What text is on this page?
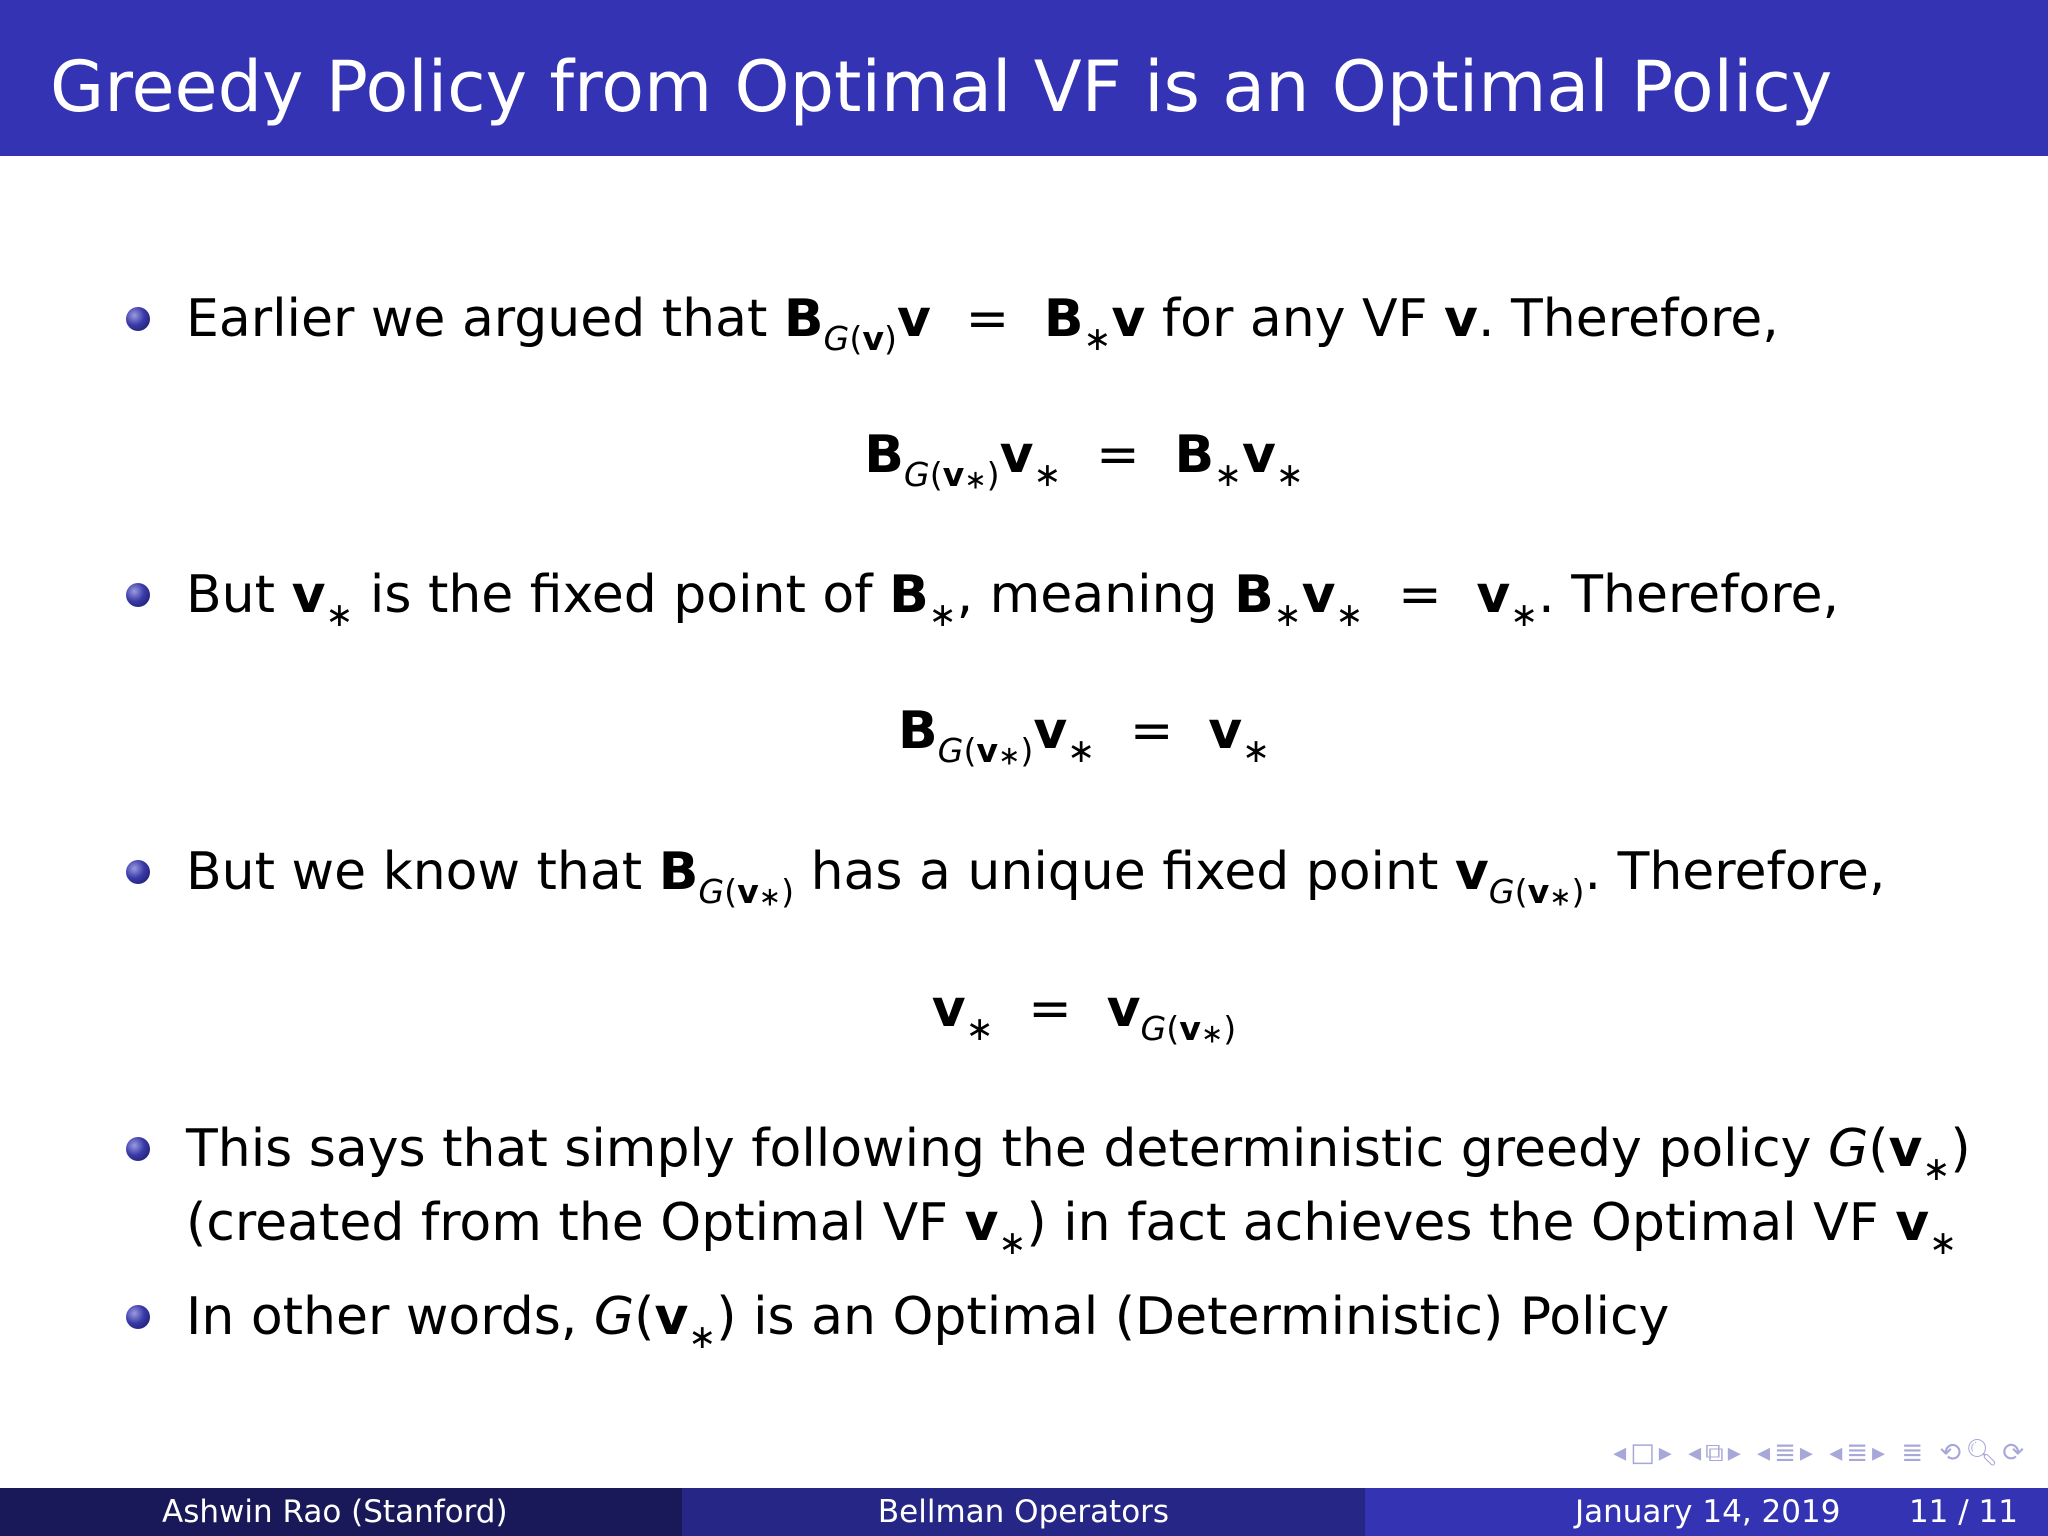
Greedy Policy from Optimal VF is an Optimal Policy
Earlier we argued that $B_{G(v)}v = B_∗v$ for any VF v. Therefore,
$B_{G(v_∗)}v_∗ = B_∗v_∗$
But $v_∗$ is the fixed point of $B_∗$, meaning $B_∗v_∗ = v_∗$. Therefore,
$B_{G(v_∗)}v_∗ = v_∗$
But we know that $B_{G(v_∗)}$ has a unique fixed point $v_{G(v_∗)}$. Therefore,
$v_∗ = v_{G(v_∗)}$
This says that simply following the deterministic greedy policy $G(v_∗)$
(created from the Optimal VF $v_∗$) in fact achieves the Optimal VF $v_∗$
In other words, $G(v_∗)$ is an Optimal (Deterministic) Policy
◂□▸ ◂⧉▸ ◂≣▸ ◂≣▸ ≣ ⟲🔍︎⟳
Ashwin Rao (Stanford)	Bellman Operators	January 14, 2019 11 / 11
